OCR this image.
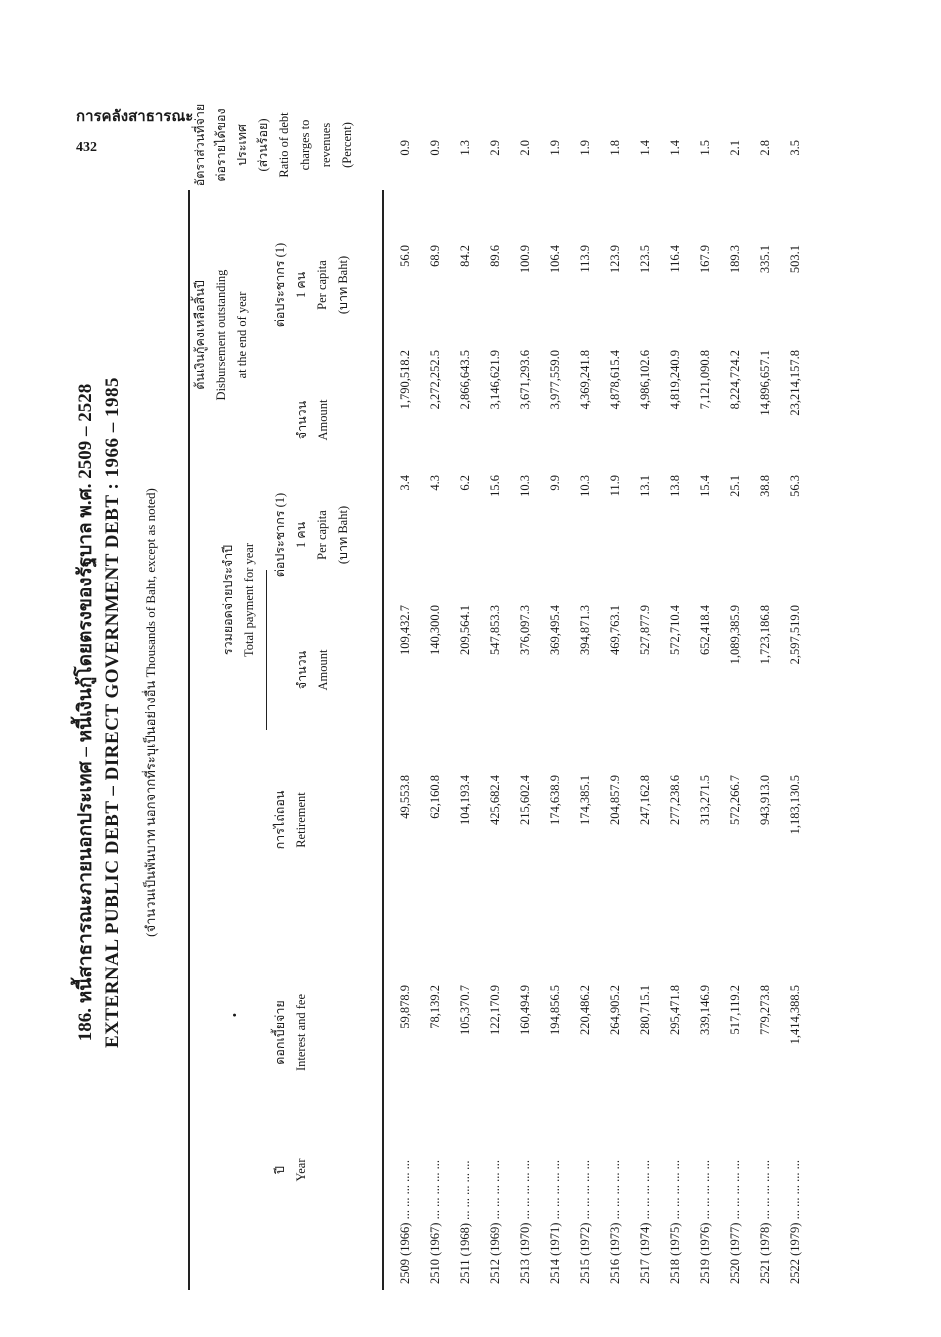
การคลังสาธารณะ
432
186. หนี้สาธารณะภายนอกประเทศ – หนี้เงินกู้โดยตรงของรัฐบาล พ.ศ. 2509 – 2528 EXTERNAL PUBLIC DEBT – DIRECT GOVERNMENT DEBT : 1966 – 1985 (จำนวนเป็นพันบาท นอกจากที่ระบุเป็นอย่างอื่น Thousands of Baht, except as noted)
ปี Year
•	ดอกเบี้ยจ่าย Interest and fee
การไถ่ถอน Retirement
รวมยอดจ่ายประจำปี Total payment for year
จำนวน Amount
ต่อประชากร (1) 1 คน Per capita (บาท Baht)
ต้นเงินกู้คงเหลือสิ้นปี Disbursement outstanding at the end of year
จำนวน Amount
ต่อประชากร (1) 1 คน Per capita (บาท Baht)
อัตราส่วนที่จ่าย ต่อรายได้ของ ประเทศ (ส่วนร้อย) Ratio of debt charges to revenues (Percent)
2509 (1966) ... ... ... ... ...
59,878.9
49,553.8
109,432.7
3.4
1,790,518.2
56.0
0.9
2510 (1967) ... ... ... ... ...
78,139.2
62,160.8
140,300.0
4.3
2,272,252.5
68.9
0.9
2511 (1968) ... ... ... ... ...
105,370.7
104,193.4
209,564.1
6.2
2,866,643.5
84.2
1.3
2512 (1969) ... ... ... ... ...
122,170.9
425,682.4
547,853.3
15.6
3,146,621.9
89.6
2.9
2513 (1970) ... ... ... ... ...
160,494.9
215,602.4
376,097.3
10.3
3,671,293.6
100.9
2.0
2514 (1971) ... ... ... ... ...
194,856.5
174,638.9
369,495.4
9.9
3,977,559.0
106.4
1.9
2515 (1972) ... ... ... ... ...
220,486.2
174,385.1
394,871.3
10.3
4,369,241.8
113.9
1.9
2516 (1973) ... ... ... ... ...
264,905.2
204,857.9
469,763.1
11.9
4,878,615.4
123.9
1.8
2517 (1974) ... ... ... ... ...
280,715.1
247,162.8
527,877.9
13.1
4,986,102.6
123.5
1.4
2518 (1975) ... ... ... ... ...
295,471.8
277,238.6
572,710.4
13.8
4,819,240.9
116.4
1.4
2519 (1976) ... ... ... ... ...
339,146.9
313,271.5
652,418.4
15.4
7,121,090.8
167.9
1.5
2520 (1977) ... ... ... ... ...
517,119.2
572,266.7
1,089,385.9
25.1
8,224,724.2
189.3
2.1
2521 (1978) ... ... ... ... ...
779,273.8
943,913.0
1,723,186.8
38.8
14,896,657.1
335.1
2.8
2522 (1979) ... ... ... ... ...
1,414,388.5
1,183,130.5
2,597,519.0
56.3
23,214,157.8
503.1
3.5
